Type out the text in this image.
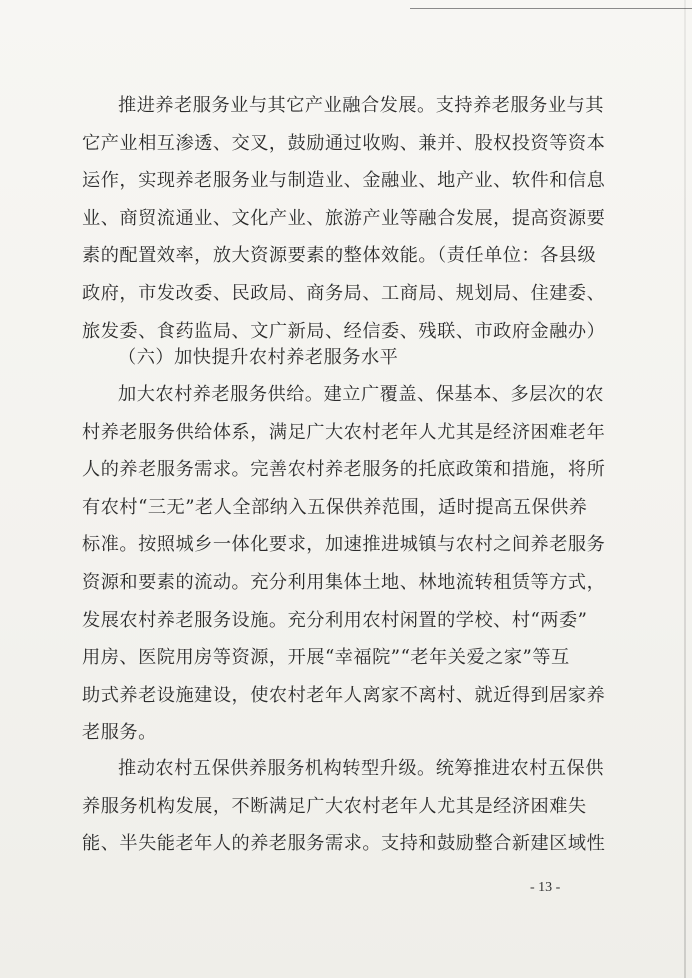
推进养老服务业与其它产业融合发展。支持养老服务业与其
它产业相互渗透、交叉，鼓励通过收购、兼并、股权投资等资本
运作，实现养老服务业与制造业、金融业、地产业、软件和信息
业、商贸流通业、文化产业、旅游产业等融合发展，提高资源要
素的配置效率，放大资源要素的整体效能。（责任单位：各县级
政府，市发改委、民政局、商务局、工商局、规划局、住建委、
旅发委、食药监局、文广新局、经信委、残联、市政府金融办）
（六）加快提升农村养老服务水平
加大农村养老服务供给。建立广覆盖、保基本、多层次的农
村养老服务供给体系，满足广大农村老年人尤其是经济困难老年
人的养老服务需求。完善农村养老服务的托底政策和措施，将所
有农村“三无”老人全部纳入五保供养范围，适时提高五保供养
标准。按照城乡一体化要求，加速推进城镇与农村之间养老服务
资源和要素的流动。充分利用集体土地、林地流转租赁等方式，
发展农村养老服务设施。充分利用农村闲置的学校、村“两委”
用房、医院用房等资源，开展“幸福院”“老年关爱之家”等互
助式养老设施建设，使农村老年人离家不离村、就近得到居家养
老服务。
推动农村五保供养服务机构转型升级。统筹推进农村五保供
养服务机构发展，不断满足广大农村老年人尤其是经济困难失
能、半失能老年人的养老服务需求。支持和鼓励整合新建区域性
- 13 -
